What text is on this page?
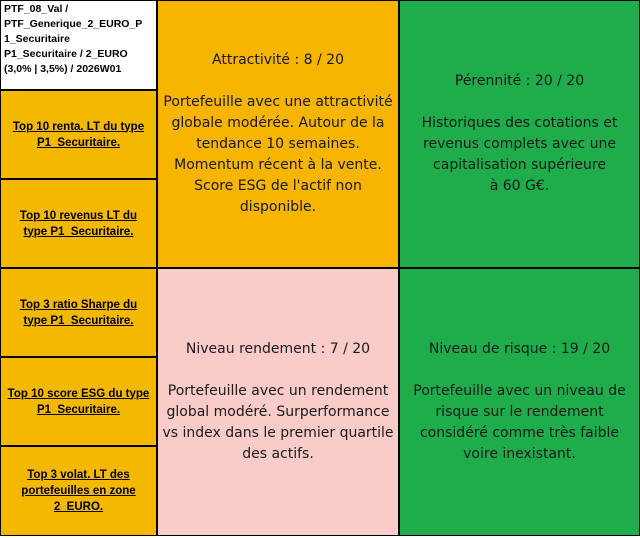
PTF_08_Val /
PTF_Generique_2_EURO_P
1_Securitaire
P1_Securitaire / 2_EURO
(3,0% | 3,5%) / 2026W01
Top 10 renta. LT du type
P1_Securitaire.
Top 10 revenus LT du
type P1_Securitaire.
Top 3 ratio Sharpe du
type P1_Securitaire.
Top 10 score ESG du type
P1_Securitaire.
Top 3 volat. LT des
portefeuilles en zone
2_EURO.
Attractivité : 8 / 20
Portefeuille avec une attractivité
globale modérée. Autour de la
tendance 10 semaines.
Momentum récent à la vente.
Score ESG de l'actif non
disponible.
Pérennité : 20 / 20
Historiques des cotations et
revenus complets avec une
capitalisation supérieure
à 60 G€.
Niveau rendement : 7 / 20
Portefeuille avec un rendement
global modéré. Surperformance
vs index dans le premier quartile
des actifs.
Niveau de risque : 19 / 20
Portefeuille avec un niveau de
risque sur le rendement
considéré comme très faible
voire inexistant.
